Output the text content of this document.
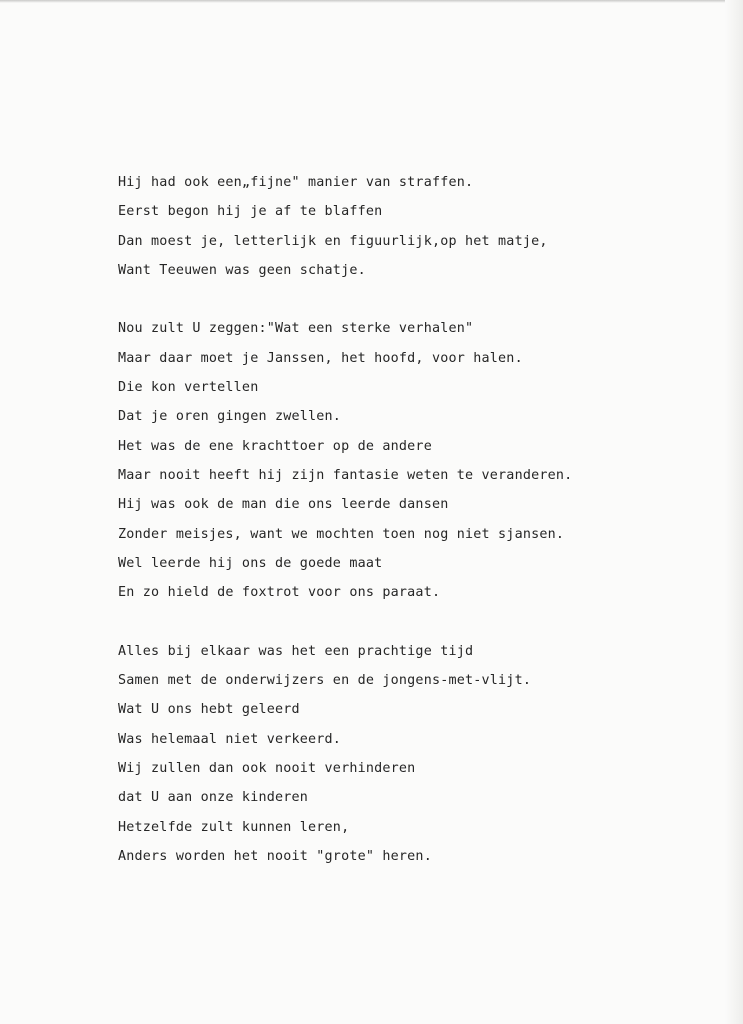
Hij had ook een„fijne" manier van straffen.
Eerst begon hij je af te blaffen
Dan moest je, letterlijk en figuurlijk,op het matje,
Want Teeuwen was geen schatje.
Nou zult U zeggen:"Wat een sterke verhalen"
Maar daar moet je Janssen, het hoofd, voor halen.
Die kon vertellen
Dat je oren gingen zwellen.
Het was de ene krachttoer op de andere
Maar nooit heeft hij zijn fantasie weten te veranderen.
Hij was ook de man die ons leerde dansen
Zonder meisjes, want we mochten toen nog niet sjansen.
Wel leerde hij ons de goede maat
En zo hield de foxtrot voor ons paraat.
Alles bij elkaar was het een prachtige tijd
Samen met de onderwijzers en de jongens-met-vlijt.
Wat U ons hebt geleerd
Was helemaal niet verkeerd.
Wij zullen dan ook nooit verhinderen
dat U aan onze kinderen
Hetzelfde zult kunnen leren,
Anders worden het nooit "grote" heren.
